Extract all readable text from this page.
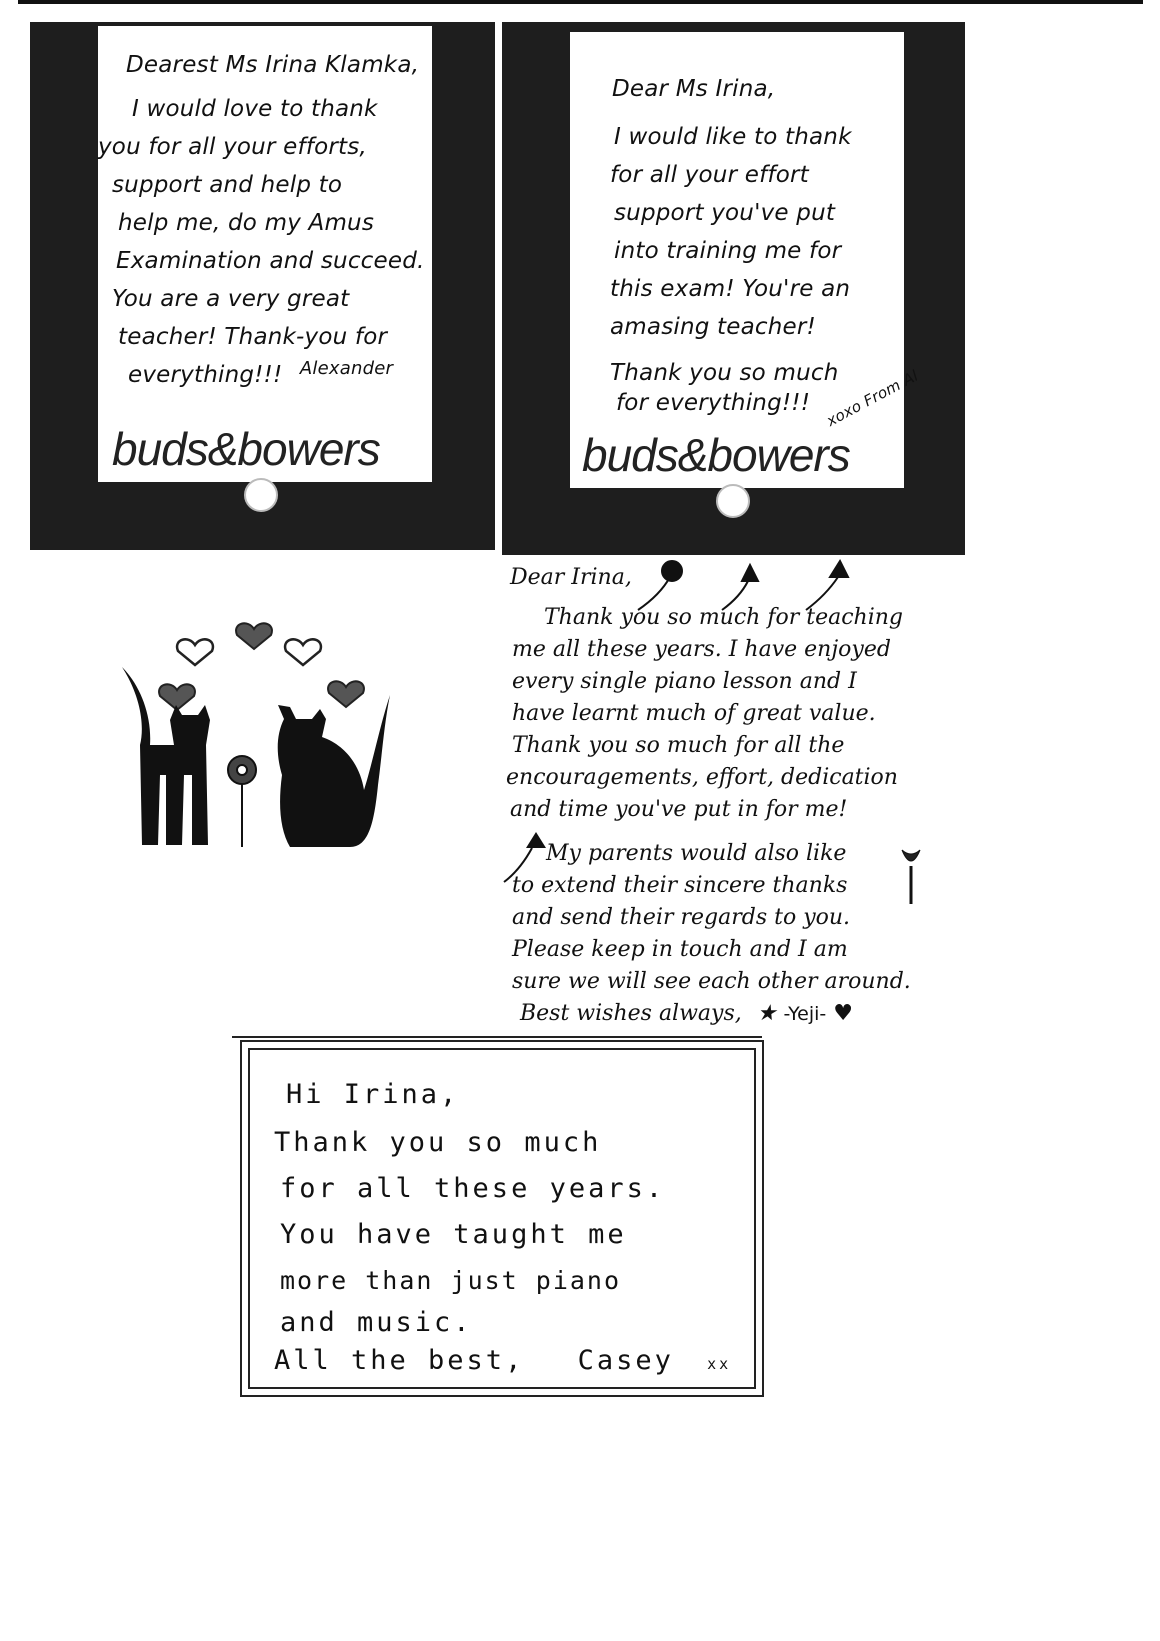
Dearest Ms Irina Klamka,
I would love to thank
you for all your efforts,
support and help to
help me, do my Amus
Examination and succeed.
You are a very great
teacher! Thank-you for
everything!!! $^{Alexander}$
buds&bowers
Dear Ms Irina,
I would like to thank
for all your effort
support you've put
into training me for
this exam! You're an
amasing teacher!
Thank you so much
for everything!!! xoxo From Al
buds&bowers
Dear Irina,
Thank you so much for teaching
me all these years. I have enjoyed
every single piano lesson and I
have learnt much of great value.
Thank you so much for all the
encouragements, effort, dedication
and time you've put in for me!
My parents would also like
to extend their sincere thanks
and send their regards to you.
Please keep in touch and I am
sure we will see each other around.
Best wishes always, ★ -Yeji- ♥
Hi Irina,
Thank you so much
for all these years.
You have taught me
more than just piano
and music.
All the best, Casey xx
